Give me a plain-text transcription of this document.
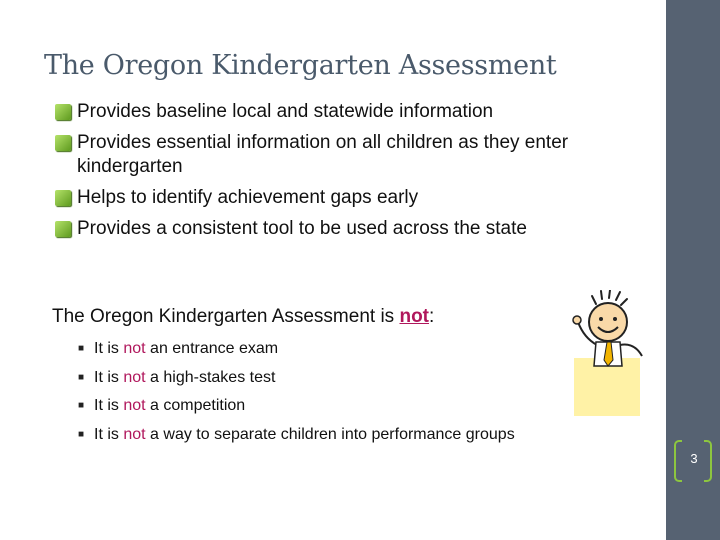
The Oregon Kindergarten Assessment
Provides baseline local and statewide information
Provides essential information on all children as they enter kindergarten
Helps to identify achievement gaps early
Provides a consistent tool to be used across the state
The Oregon Kindergarten Assessment is not:
■ It is not an entrance exam
■ It is not a high-stakes test
■ It is not a competition
■ It is not a way to separate children into performance groups
3
